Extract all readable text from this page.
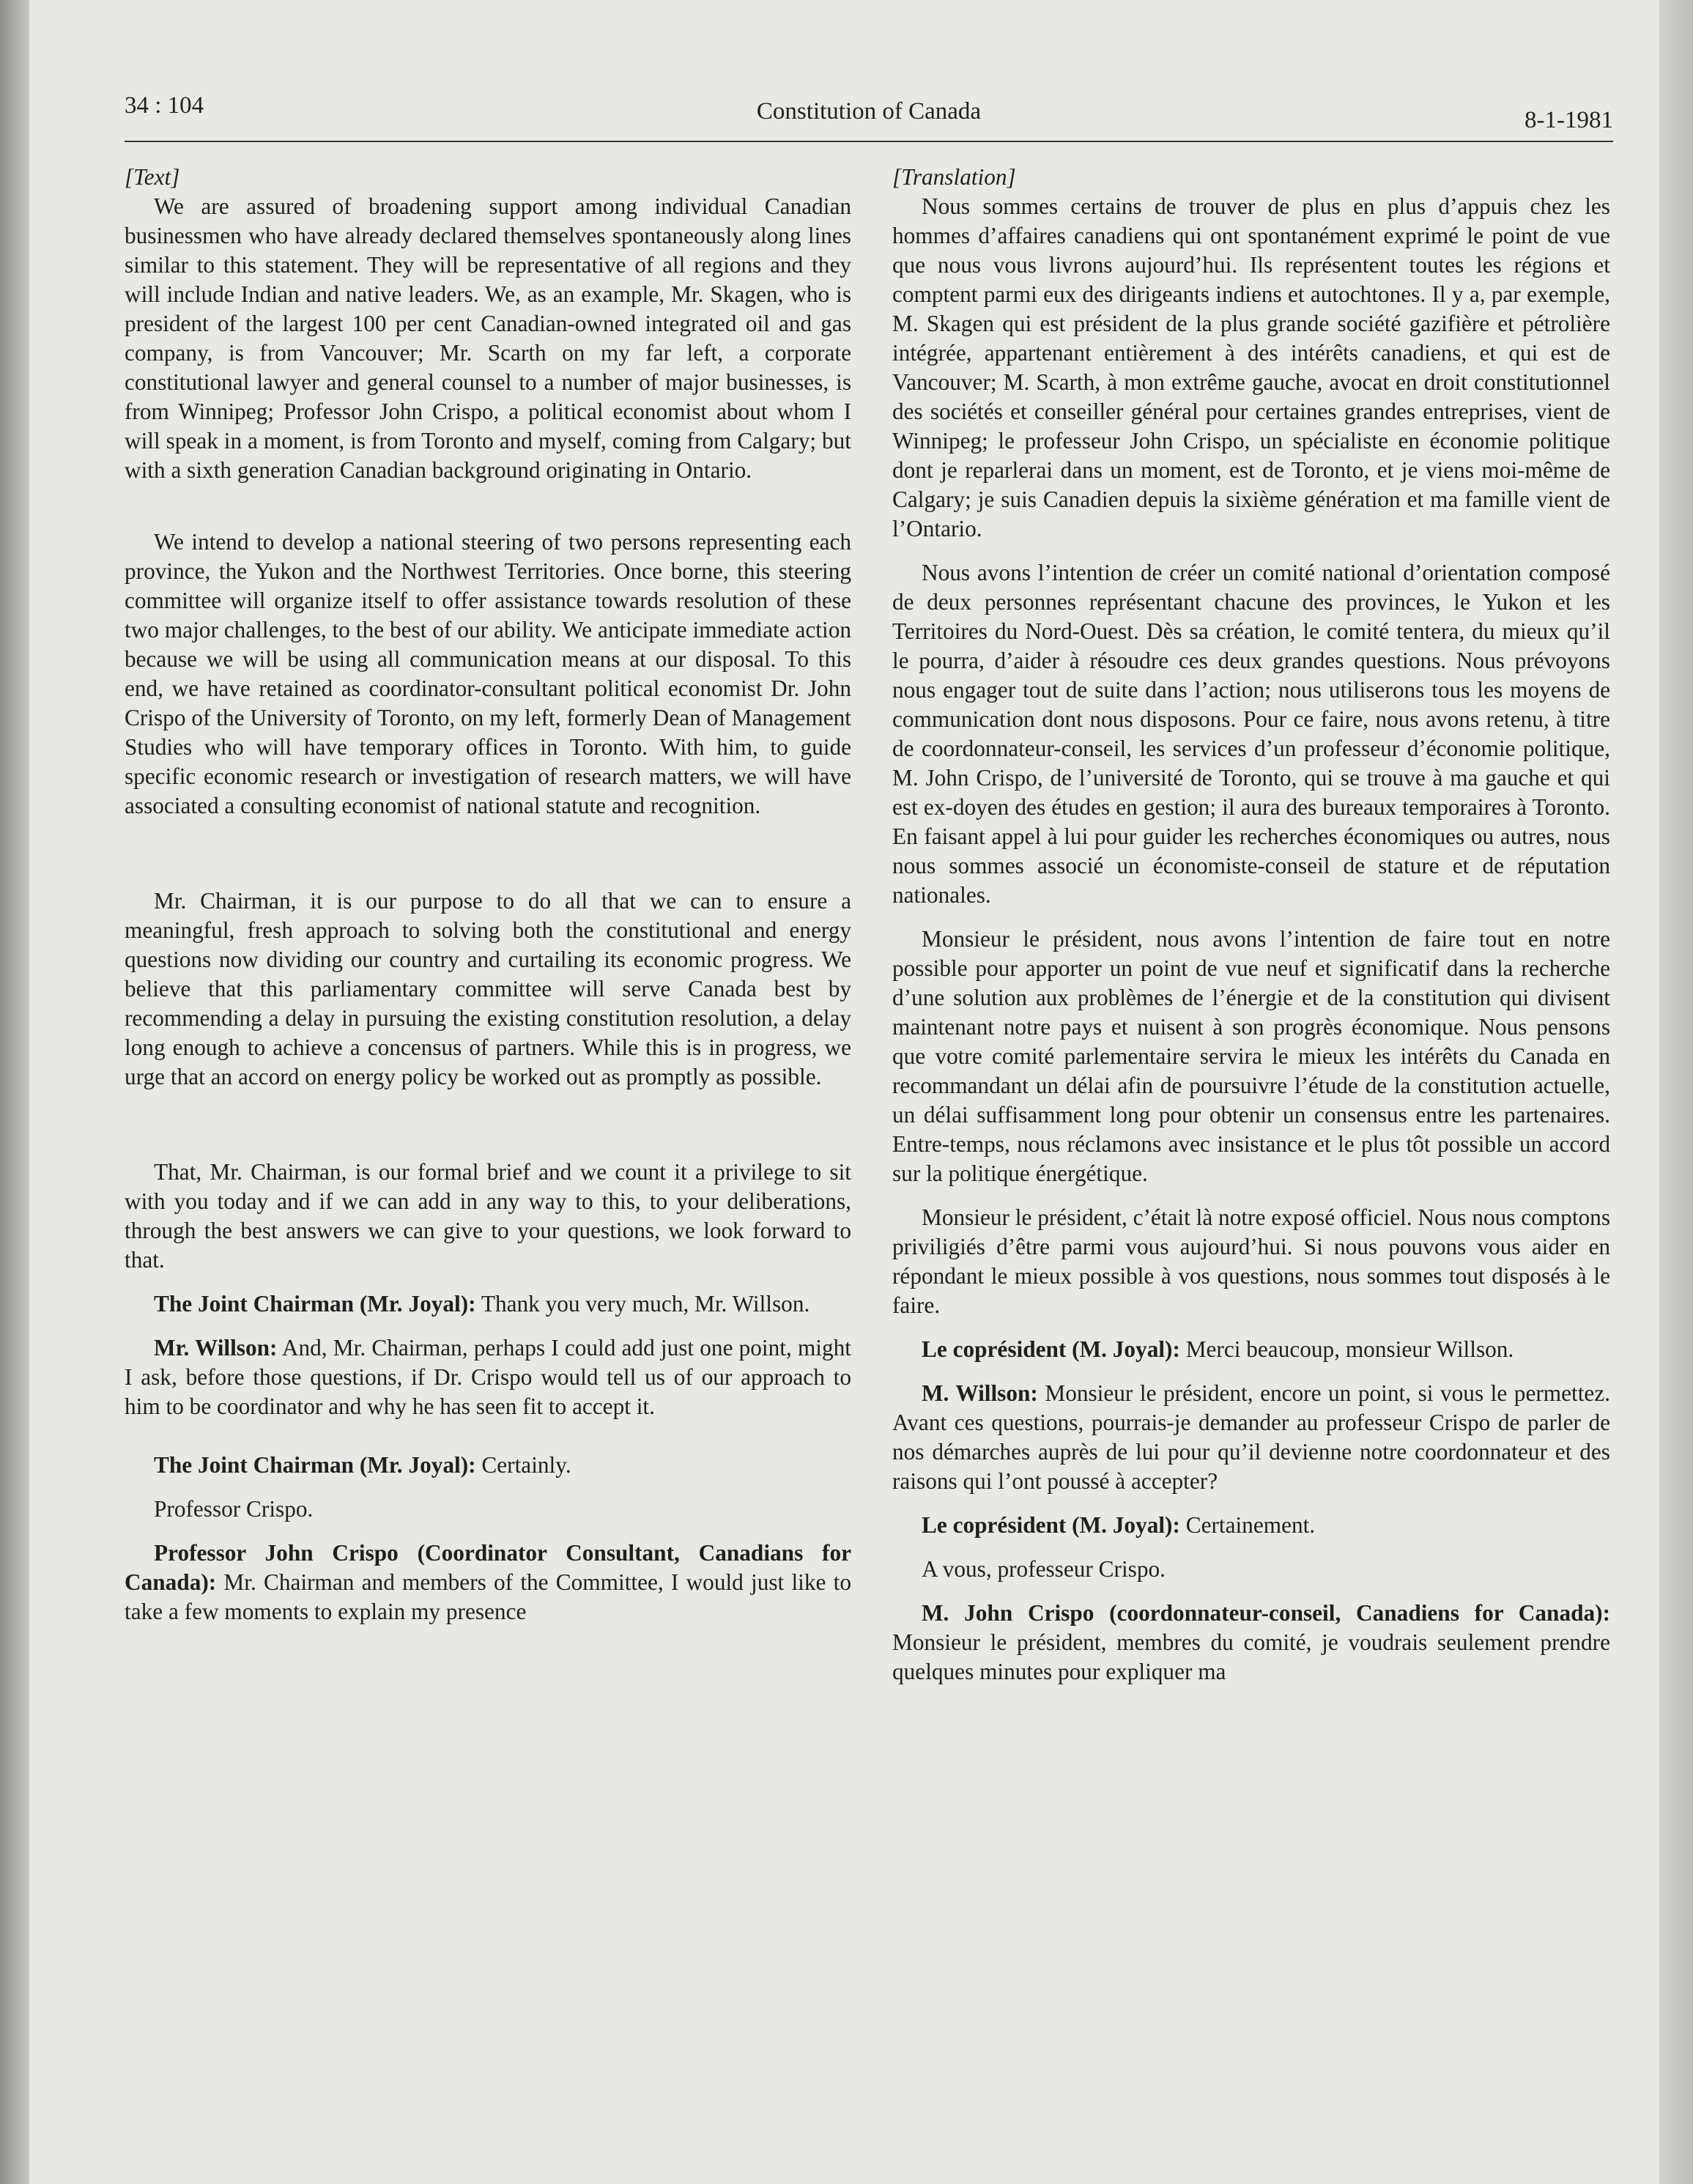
34 : 104	Constitution of Canada	8-1-1981

[Text]

We are assured of broadening support among individual Canadian businessmen who have already declared themselves spontaneously along lines similar to this statement. They will be representative of all regions and they will include Indian and native leaders. We, as an example, Mr. Skagen, who is president of the largest 100 per cent Canadian-owned integrated oil and gas company, is from Vancouver; Mr. Scarth on my far left, a corporate constitutional lawyer and general counsel to a number of major businesses, is from Winnipeg; Professor John Crispo, a political economist about whom I will speak in a moment, is from Toronto and myself, coming from Calgary; but with a sixth generation Canadian background originating in Ontario.

We intend to develop a national steering of two persons representing each province, the Yukon and the Northwest Territories. Once borne, this steering committee will organize itself to offer assistance towards resolution of these two major challenges, to the best of our ability. We anticipate immediate action because we will be using all communication means at our disposal. To this end, we have retained as coordinator-consultant political economist Dr. John Crispo of the University of Toronto, on my left, formerly Dean of Management Studies who will have temporary offices in Toronto. With him, to guide specific economic research or investigation of research matters, we will have associated a consulting economist of national statute and recognition.

Mr. Chairman, it is our purpose to do all that we can to ensure a meaningful, fresh approach to solving both the constitutional and energy questions now dividing our country and curtailing its economic progress. We believe that this parliamentary committee will serve Canada best by recommending a delay in pursuing the existing constitution resolution, a delay long enough to achieve a concensus of partners. While this is in progress, we urge that an accord on energy policy be worked out as promptly as possible.

That, Mr. Chairman, is our formal brief and we count it a privilege to sit with you today and if we can add in any way to this, to your deliberations, through the best answers we can give to your questions, we look forward to that.

The Joint Chairman (Mr. Joyal): Thank you very much, Mr. Willson.

Mr. Willson: And, Mr. Chairman, perhaps I could add just one point, might I ask, before those questions, if Dr. Crispo would tell us of our approach to him to be coordinator and why he has seen fit to accept it.

The Joint Chairman (Mr. Joyal): Certainly.

Professor Crispo.

Professor John Crispo (Coordinator Consultant, Canadians for Canada): Mr. Chairman and members of the Committee, I would just like to take a few moments to explain my presence

[Translation]

Nous sommes certains de trouver de plus en plus d’appuis chez les hommes d’affaires canadiens qui ont spontanément exprimé le point de vue que nous vous livrons aujourd’hui. Ils représentent toutes les régions et comptent parmi eux des dirigeants indiens et autochtones. Il y a, par exemple, M. Skagen qui est président de la plus grande société gazifière et pétrolière intégrée, appartenant entièrement à des intérêts canadiens, et qui est de Vancouver; M. Scarth, à mon extrême gauche, avocat en droit constitutionnel des sociétés et conseiller général pour certaines grandes entreprises, vient de Winnipeg; le professeur John Crispo, un spécialiste en économie politique dont je reparlerai dans un moment, est de Toronto, et je viens moi-même de Calgary; je suis Canadien depuis la sixième génération et ma famille vient de l’Ontario.

Nous avons l’intention de créer un comité national d’orientation composé de deux personnes représentant chacune des provinces, le Yukon et les Territoires du Nord-Ouest. Dès sa création, le comité tentera, du mieux qu’il le pourra, d’aider à résoudre ces deux grandes questions. Nous prévoyons nous engager tout de suite dans l’action; nous utiliserons tous les moyens de communication dont nous disposons. Pour ce faire, nous avons retenu, à titre de coordonnateur-conseil, les services d’un professeur d’économie politique, M. John Crispo, de l’université de Toronto, qui se trouve à ma gauche et qui est ex-doyen des études en gestion; il aura des bureaux temporaires à Toronto. En faisant appel à lui pour guider les recherches économiques ou autres, nous nous sommes associé un économiste-conseil de stature et de réputation nationales.

Monsieur le président, nous avons l’intention de faire tout en notre possible pour apporter un point de vue neuf et significatif dans la recherche d’une solution aux problèmes de l’énergie et de la constitution qui divisent maintenant notre pays et nuisent à son progrès économique. Nous pensons que votre comité parlementaire servira le mieux les intérêts du Canada en recommandant un délai afin de poursuivre l’étude de la constitution actuelle, un délai suffisamment long pour obtenir un consensus entre les partenaires. Entre-temps, nous réclamons avec insistance et le plus tôt possible un accord sur la politique énergétique.

Monsieur le président, c’était là notre exposé officiel. Nous nous comptons priviligiés d’être parmi vous aujourd’hui. Si nous pouvons vous aider en répondant le mieux possible à vos questions, nous sommes tout disposés à le faire.

Le coprésident (M. Joyal): Merci beaucoup, monsieur Willson.

M. Willson: Monsieur le président, encore un point, si vous le permettez. Avant ces questions, pourrais-je demander au professeur Crispo de parler de nos démarches auprès de lui pour qu’il devienne notre coordonnateur et des raisons qui l’ont poussé à accepter?

Le coprésident (M. Joyal): Certainement.

A vous, professeur Crispo.

M. John Crispo (coordonnateur-conseil, Canadiens for Canada): Monsieur le président, membres du comité, je voudrais seulement prendre quelques minutes pour expliquer ma
